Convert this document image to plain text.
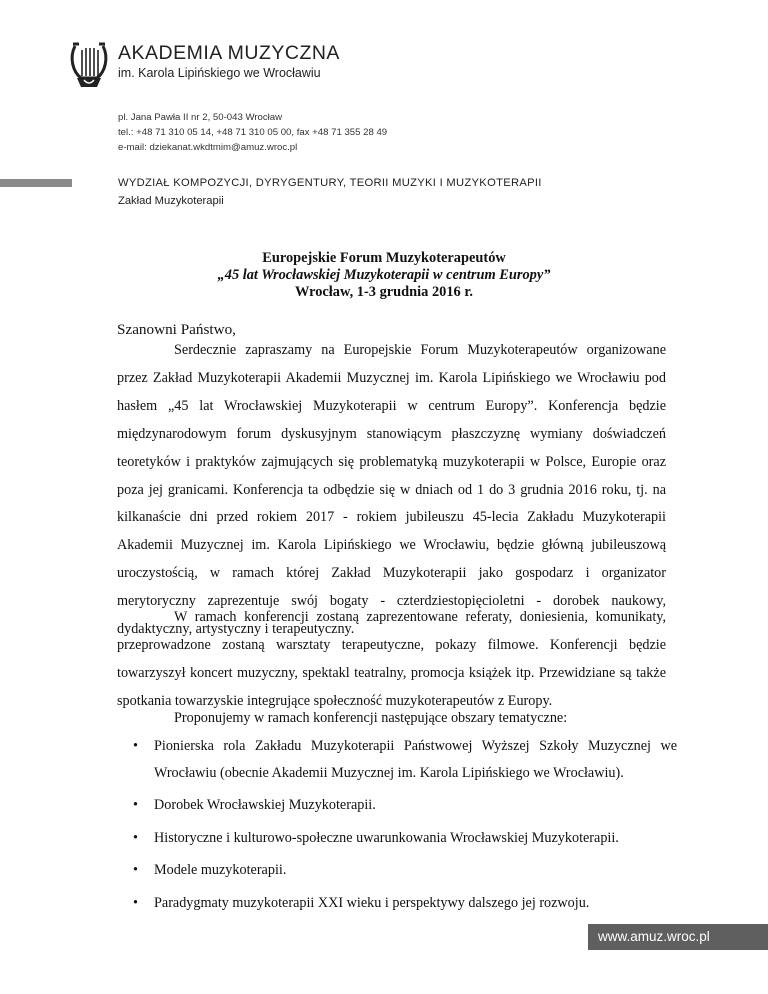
AKADEMIA MUZYCZNA
im. Karola Lipińskiego we Wrocławiu
pl. Jana Pawła II nr 2, 50-043 Wrocław
tel.: +48 71 310 05 14, +48 71 310 05 00, fax +48 71 355 28 49
e-mail: dziekanat.wkdtmim@amuz.wroc.pl
WYDZIAŁ KOMPOZYCJI, DYRYGENTURY, TEORII MUZYKI I MUZYKOTERAPII
Zakład Muzykoterapii
Europejskie Forum Muzykoterapeutów
„45 lat Wrocławskiej Muzykoterapii w centrum Europy”
Wrocław, 1-3 grudnia 2016 r.
Szanowni Państwo,

Serdecznie zapraszamy na Europejskie Forum Muzykoterapeutów organizowane przez Zakład Muzykoterapii Akademii Muzycznej im. Karola Lipińskiego we Wrocławiu pod hasłem „45 lat Wrocławskiej Muzykoterapii w centrum Europy”. Konferencja będzie międzynarodowym forum dyskusyjnym stanowiącym płaszczyznę wymiany doświadczeń teoretyków i praktyków zajmujących się problematyką muzykoterapii w Polsce, Europie oraz poza jej granicami. Konferencja ta odbędzie się w dniach od 1 do 3 grudnia 2016 roku, tj. na kilkanaście dni przed rokiem 2017 - rokiem jubileuszu 45-lecia Zakładu Muzykoterapii Akademii Muzycznej im. Karola Lipińskiego we Wrocławiu, będzie główną jubileuszową uroczystością, w ramach której Zakład Muzykoterapii jako gospodarz i organizator merytoryczny zaprezentuje swój bogaty - czterdziestopięcioletni - dorobek naukowy, dydaktyczny, artystyczny i terapeutyczny.

W ramach konferencji zostaną zaprezentowane referaty, doniesienia, komunikaty, przeprowadzone zostaną warsztaty terapeutyczne, pokazy filmowe. Konferencji będzie towarzyszył koncert muzyczny, spektakl teatralny, promocja książek itp. Przewidziane są także spotkania towarzyskie integrujące społeczność muzykoterapeutów z Europy.

Proponujemy w ramach konferencji następujące obszary tematyczne:

• Pionierska rola Zakładu Muzykoterapii Państwowej Wyższej Szkoły Muzycznej we Wrocławiu (obecnie Akademii Muzycznej im. Karola Lipińskiego we Wrocławiu).
• Dorobek Wrocławskiej Muzykoterapii.
• Historyczne i kulturowo-społeczne uwarunkowania Wrocławskiej Muzykoterapii.
• Modele muzykoterapii.
• Paradygmaty muzykoterapii XXI wieku i perspektywy dalszego jej rozwoju.
www.amuz.wroc.pl
